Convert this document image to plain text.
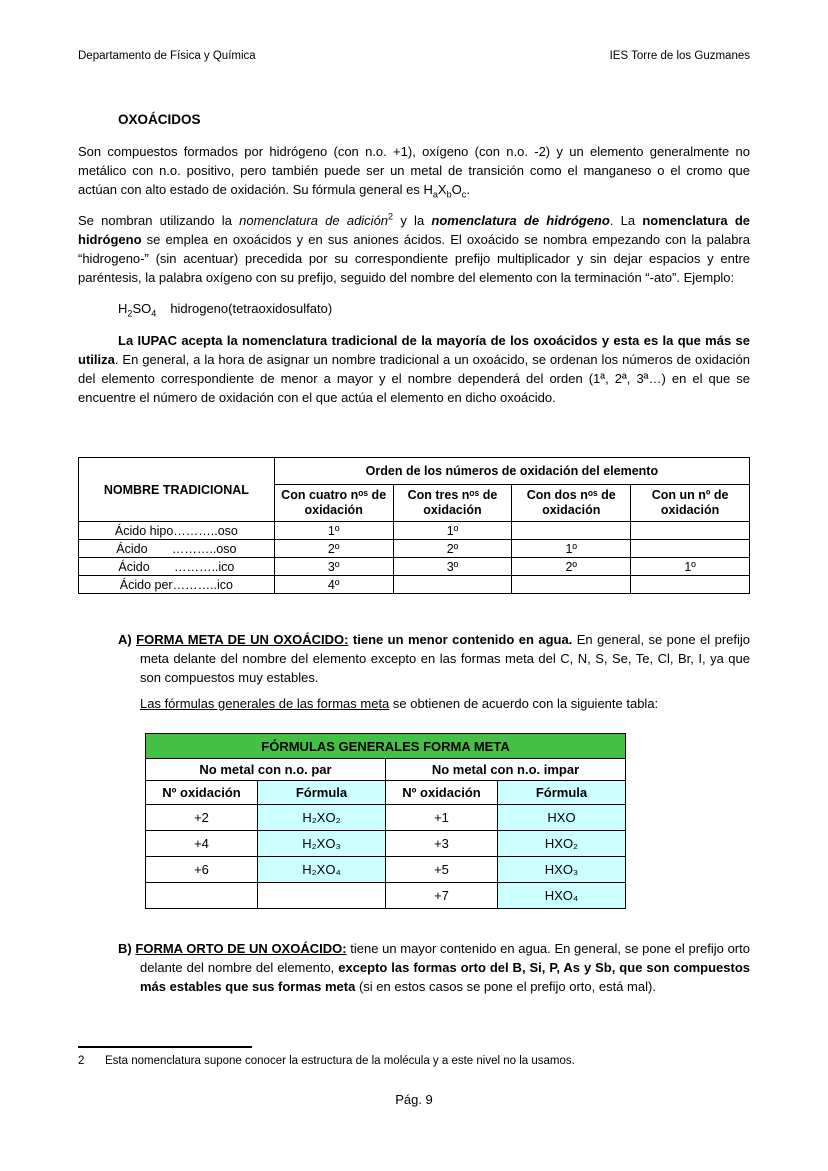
Departamento de Física y Química	IES Torre de los Guzmanes
OXOÁCIDOS

Son compuestos formados por hidrógeno (con n.o. +1), oxígeno (con n.o. -2) y un elemento generalmente no metálico con n.o. positivo, pero también puede ser un metal de transición como el manganeso o el cromo que actúan con alto estado de oxidación. Su fórmula general es $H_aX_bO_c$.

Se nombran utilizando la nomenclatura de adición$^2$ y la nomenclatura de hidrógeno. La nomenclatura de hidrógeno se emplea en oxoácidos y en sus aniones ácidos. El oxoácido se nombra empezando con la palabra “hidrogeno-” (sin acentuar) precedida por su correspondiente prefijo multiplicador y sin dejar espacios y entre paréntesis, la palabra oxígeno con su prefijo, seguido del nombre del elemento con la terminación “-ato”. Ejemplo:

$H_2SO_4$ hidrogeno(tetraoxidosulfato)

La IUPAC acepta la nomenclatura tradicional de la mayoría de los oxoácidos y esta es la que más se utiliza. En general, a la hora de asignar un nombre tradicional a un oxoácido, se ordenan los números de oxidación del elemento correspondiente de menor a mayor y el nombre dependerá del orden (1ª, 2ª, 3ª…) en el que se encuentre el número de oxidación con el que actúa el elemento en dicho oxoácido.

NOMBRE TRADICIONAL	Orden de los números de oxidación del elemento			
	Con cuatro nᵒˢ de oxidación	Con tres nᵒˢ de oxidación	Con dos nᵒˢ de oxidación	Con un nº de oxidación
Ácido hipo………..oso	1º	1º		
Ácido       ………..oso	2º	2º	1º	
Ácido       ………..ico	3º	3º	2º	1º
Ácido per………..ico	4º			

A) FORMA META DE UN OXOÁCIDO: tiene un menor contenido en agua. En general, se pone el prefijo meta delante del nombre del elemento excepto en las formas meta del C, N, S, Se, Te, Cl, Br, I, ya que son compuestos muy estables.

Las fórmulas generales de las formas meta se obtienen de acuerdo con la siguiente tabla:

FÓRMULAS GENERALES FORMA META			
No metal con n.o. par		No metal con n.o. impar	
Nº oxidación	Fórmula	Nº oxidación	Fórmula
+2	H₂XO₂	+1	HXO
+4	H₂XO₃	+3	HXO₂
+6	H₂XO₄	+5	HXO₃
		+7	HXO₄

B) FORMA ORTO DE UN OXOÁCIDO: tiene un mayor contenido en agua. En general, se pone el prefijo orto delante del nombre del elemento, excepto las formas orto del B, Si, P, As y Sb, que son compuestos más estables que sus formas meta (si en estos casos se pone el prefijo orto, está mal).

2 Esta nomenclatura supone conocer la estructura de la molécula y a este nivel no la usamos.

Pág. 9
